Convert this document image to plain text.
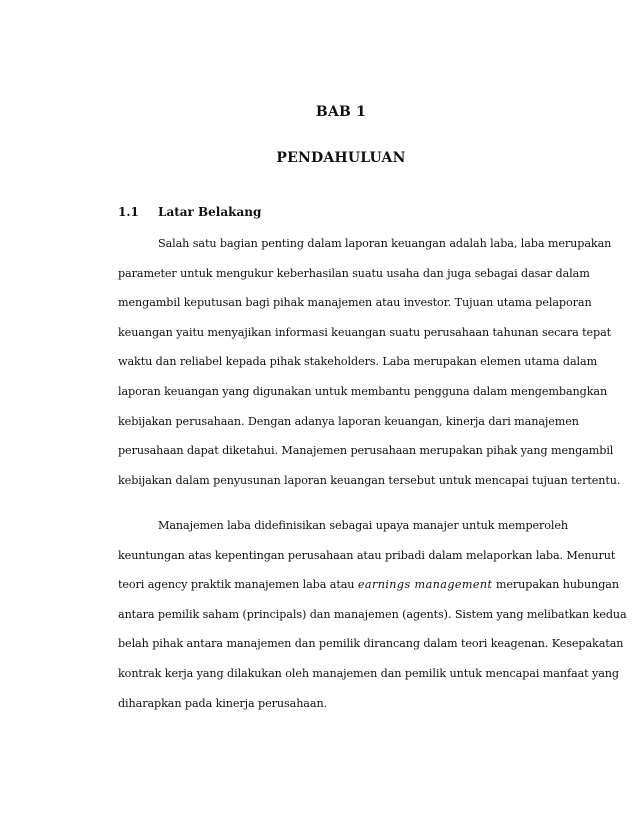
BAB 1
PENDAHULUAN
1.1 Latar Belakang
Salah satu bagian penting dalam laporan keuangan adalah laba, laba merupakan
parameter untuk mengukur keberhasilan suatu usaha dan juga sebagai dasar dalam
mengambil keputusan bagi pihak manajemen atau investor. Tujuan utama pelaporan
keuangan yaitu menyajikan informasi keuangan suatu perusahaan tahunan secara tepat
waktu dan reliabel kepada pihak stakeholders. Laba merupakan elemen utama dalam
laporan keuangan yang digunakan untuk membantu pengguna dalam mengembangkan
kebijakan perusahaan. Dengan adanya laporan keuangan, kinerja dari manajemen
perusahaan dapat diketahui. Manajemen perusahaan merupakan pihak yang mengambil
kebijakan dalam penyusunan laporan keuangan tersebut untuk mencapai tujuan tertentu.
Manajemen laba didefinisikan sebagai upaya manajer untuk memperoleh
keuntungan atas kepentingan perusahaan atau pribadi dalam melaporkan laba. Menurut
teori agency praktik manajemen laba atau earnings management merupakan hubungan
antara pemilik saham (principals) dan manajemen (agents). Sistem yang melibatkan kedua
belah pihak antara manajemen dan pemilik dirancang dalam teori keagenan. Kesepakatan
kontrak kerja yang dilakukan oleh manajemen dan pemilik untuk mencapai manfaat yang
diharapkan pada kinerja perusahaan.
